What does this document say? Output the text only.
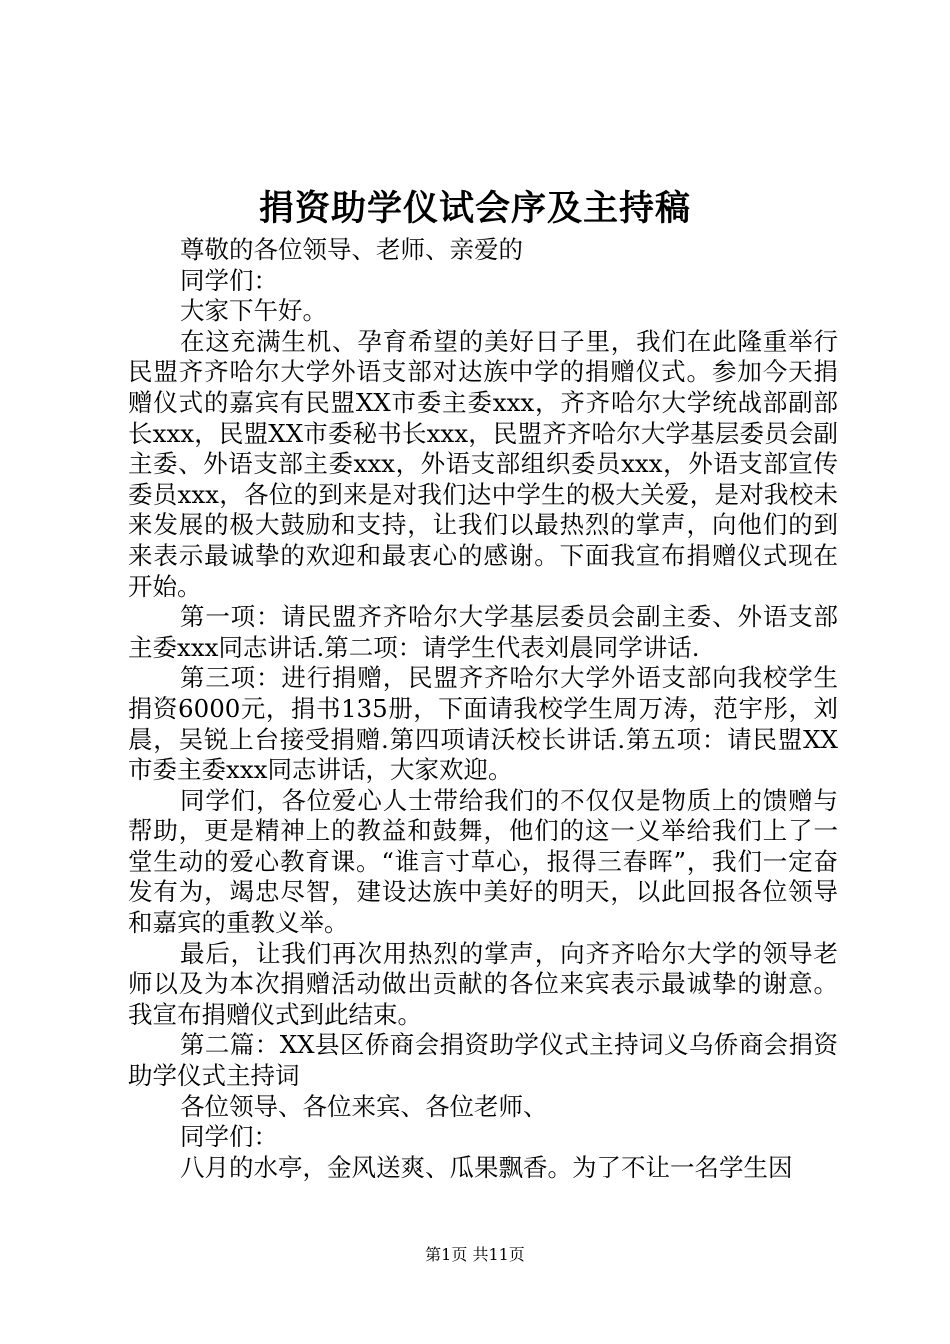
捐资助学仪试会序及主持稿

尊敬的各位领导、老师、亲爱的

同学们：

大家下午好。

在这充满生机、孕育希望的美好日子里，我们在此隆重举行民盟齐齐哈尔大学外语支部对达族中学的捐赠仪式。参加今天捐赠仪式的嘉宾有民盟XX市委主委xxx，齐齐哈尔大学统战部副部长xxx，民盟XX市委秘书长xxx，民盟齐齐哈尔大学基层委员会副主委、外语支部主委xxx，外语支部组织委员xxx，外语支部宣传委员xxx，各位的到来是对我们达中学生的极大关爱，是对我校未来发展的极大鼓励和支持，让我们以最热烈的掌声，向他们的到来表示最诚挚的欢迎和最衷心的感谢。下面我宣布捐赠仪式现在开始。

第一项：请民盟齐齐哈尔大学基层委员会副主委、外语支部主委xxx同志讲话.第二项：请学生代表刘晨同学讲话.

第三项：进行捐赠，民盟齐齐哈尔大学外语支部向我校学生捐资6000元，捐书135册，下面请我校学生周万涛，范宇彤，刘晨，吴锐上台接受捐赠.第四项请沃校长讲话.第五项：请民盟XX市委主委xxx同志讲话，大家欢迎。

同学们，各位爱心人士带给我们的不仅仅是物质上的馈赠与帮助，更是精神上的教益和鼓舞，他们的这一义举给我们上了一堂生动的爱心教育课。“谁言寸草心，报得三春晖”，我们一定奋发有为，竭忠尽智，建设达族中美好的明天，以此回报各位领导和嘉宾的重教义举。

最后，让我们再次用热烈的掌声，向齐齐哈尔大学的领导老师以及为本次捐赠活动做出贡献的各位来宾表示最诚挚的谢意。我宣布捐赠仪式到此结束。

第二篇：XX县区侨商会捐资助学仪式主持词义乌侨商会捐资助学仪式主持词

各位领导、各位来宾、各位老师、

同学们：

八月的水亭，金风送爽、瓜果飘香。为了不让一名学生因

第1页 共11页
